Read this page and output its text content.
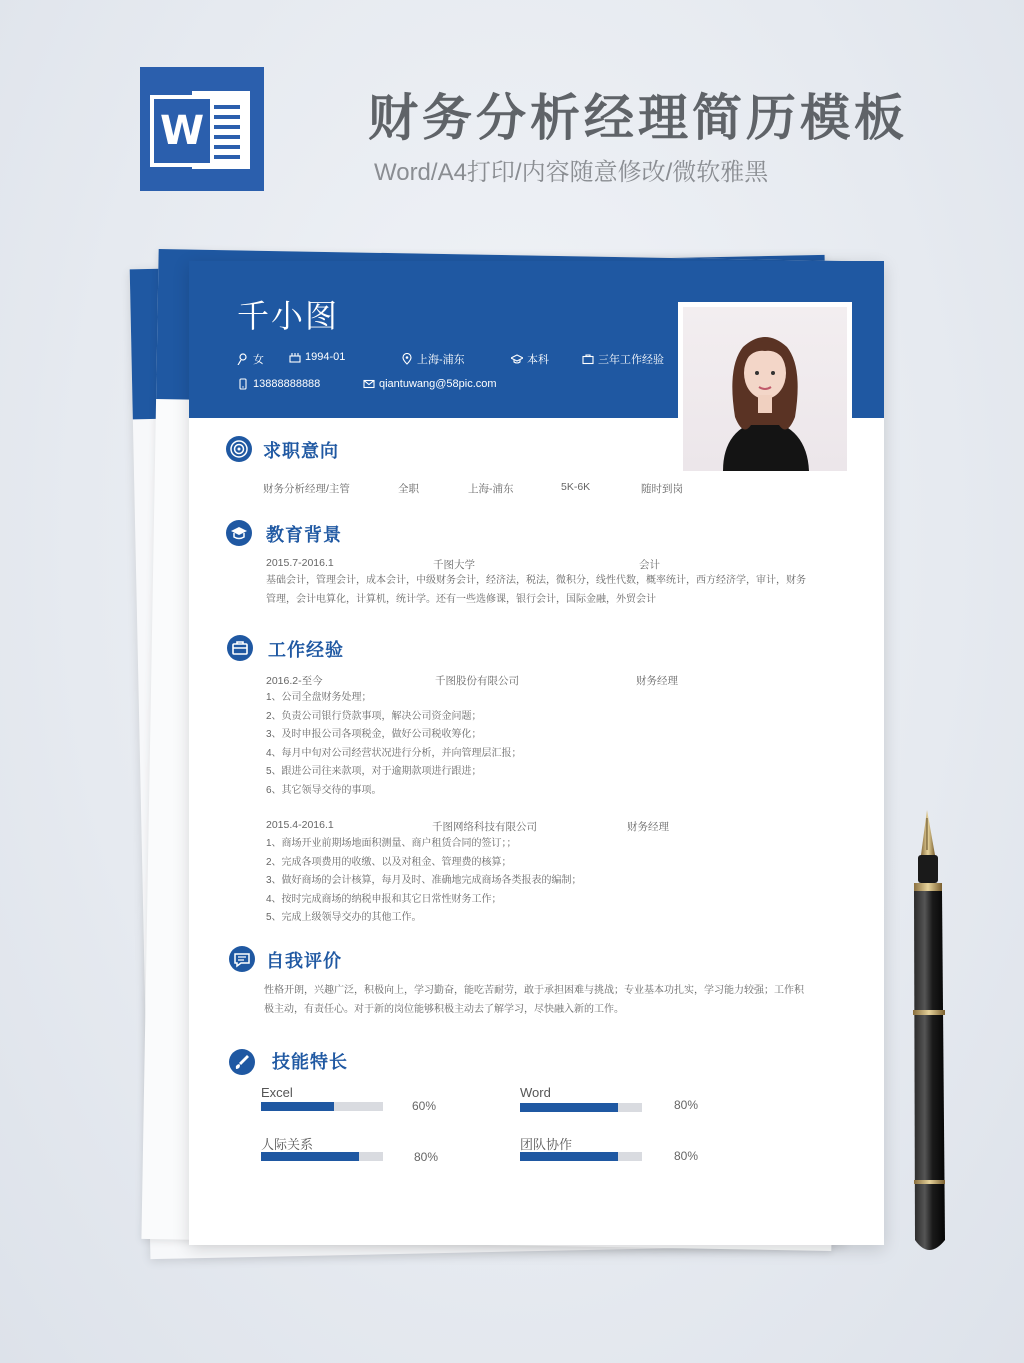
W	财务分析经理简历模板
Word/A4打印/内容随意修改/微软雅黑
千小图
女	1994-01	上海-浦东	本科	三年工作经验
13888888888	qiantuwang@58pic.com
求职意向
财务分析经理/主管	全职	上海-浦东	5K-6K	随时到岗
教育背景
2015.7-2016.1	千图大学	会计
基础会计，管理会计，成本会计，中级财务会计，经济法，税法，微积分，线性代数，概率统计，西方经济学，审计，财务
管理，会计电算化，计算机，统计学。还有一些选修课，银行会计，国际金融，外贸会计
工作经验
2016.2-至今	千图股份有限公司	财务经理
1、公司全盘财务处理；
2、负责公司银行贷款事项，解决公司资金问题；
3、及时申报公司各项税金，做好公司税收筹化；
4、每月中旬对公司经营状况进行分析，并向管理层汇报；
5、跟进公司往来款项，对于逾期款项进行跟进；
6、其它领导交待的事项。
2015.4-2016.1	千图网络科技有限公司	财务经理
1、商场开业前期场地面积测量、商户租赁合同的签订；；
2、完成各项费用的收缴、以及对租金、管理费的核算；
3、做好商场的会计核算，每月及时、准确地完成商场各类报表的编制；
4、按时完成商场的纳税申报和其它日常性财务工作；
5、完成上级领导交办的其他工作。
自我评价
性格开朗，兴趣广泛，积极向上，学习勤奋，能吃苦耐劳，敢于承担困难与挑战；专业基本功扎实，学习能力较强；工作积
极主动，有责任心。对于新的岗位能够积极主动去了解学习，尽快融入新的工作。
技能特长
Excel
60%
Word
80%
人际关系
80%
团队协作
80%
